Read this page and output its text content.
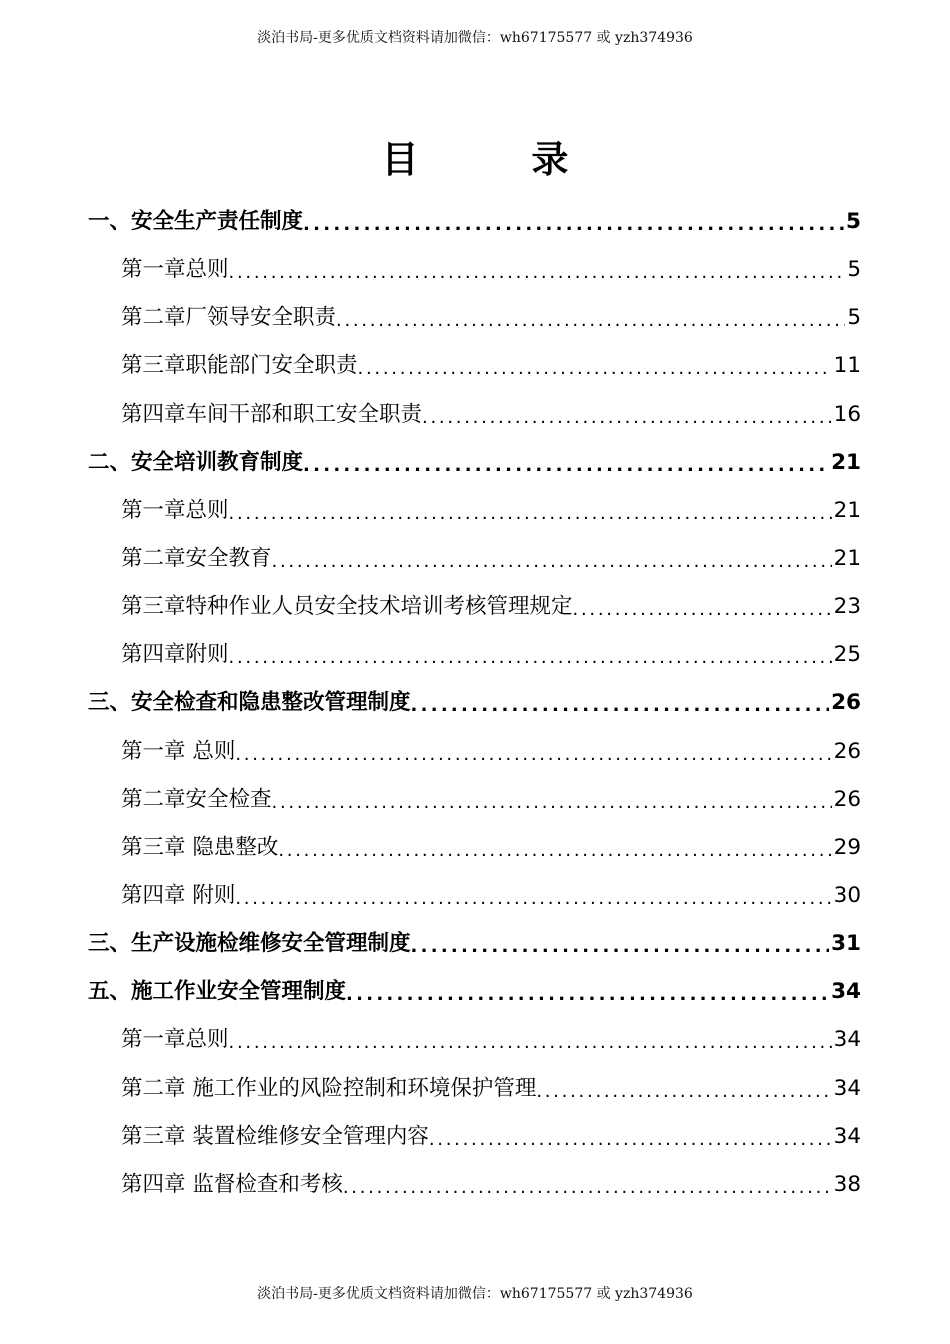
淡泊书局-更多优质文档资料请加微信：wh67175577 或 yzh374936
目 录
一、安全生产责任制度 . . .	5
第一章总则 . . .	5
第二章厂领导安全职责 . . .	5
第三章职能部门安全职责 . . .	11
第四章车间干部和职工安全职责 . . .	16
二、安全培训教育制度 . . .	21
第一章总则 . . .	21
第二章安全教育 . . .	21
第三章特种作业人员安全技术培训考核管理规定 . . .	23
第四章附则 . . .	25
三、安全检查和隐患整改管理制度 . . .	26
第一章 总则 . . .	26
第二章安全检查 . . .	26
第三章 隐患整改 . . .	29
第四章 附则 . . .	30
三、生产设施检维修安全管理制度 . . .	31
五、施工作业安全管理制度 . . .	34
第一章总则 . . .	34
第二章 施工作业的风险控制和环境保护管理 . . .	34
第三章 装置检维修安全管理内容 . . .	34
第四章 监督检查和考核 . . .	38
淡泊书局-更多优质文档资料请加微信：wh67175577 或 yzh374936
